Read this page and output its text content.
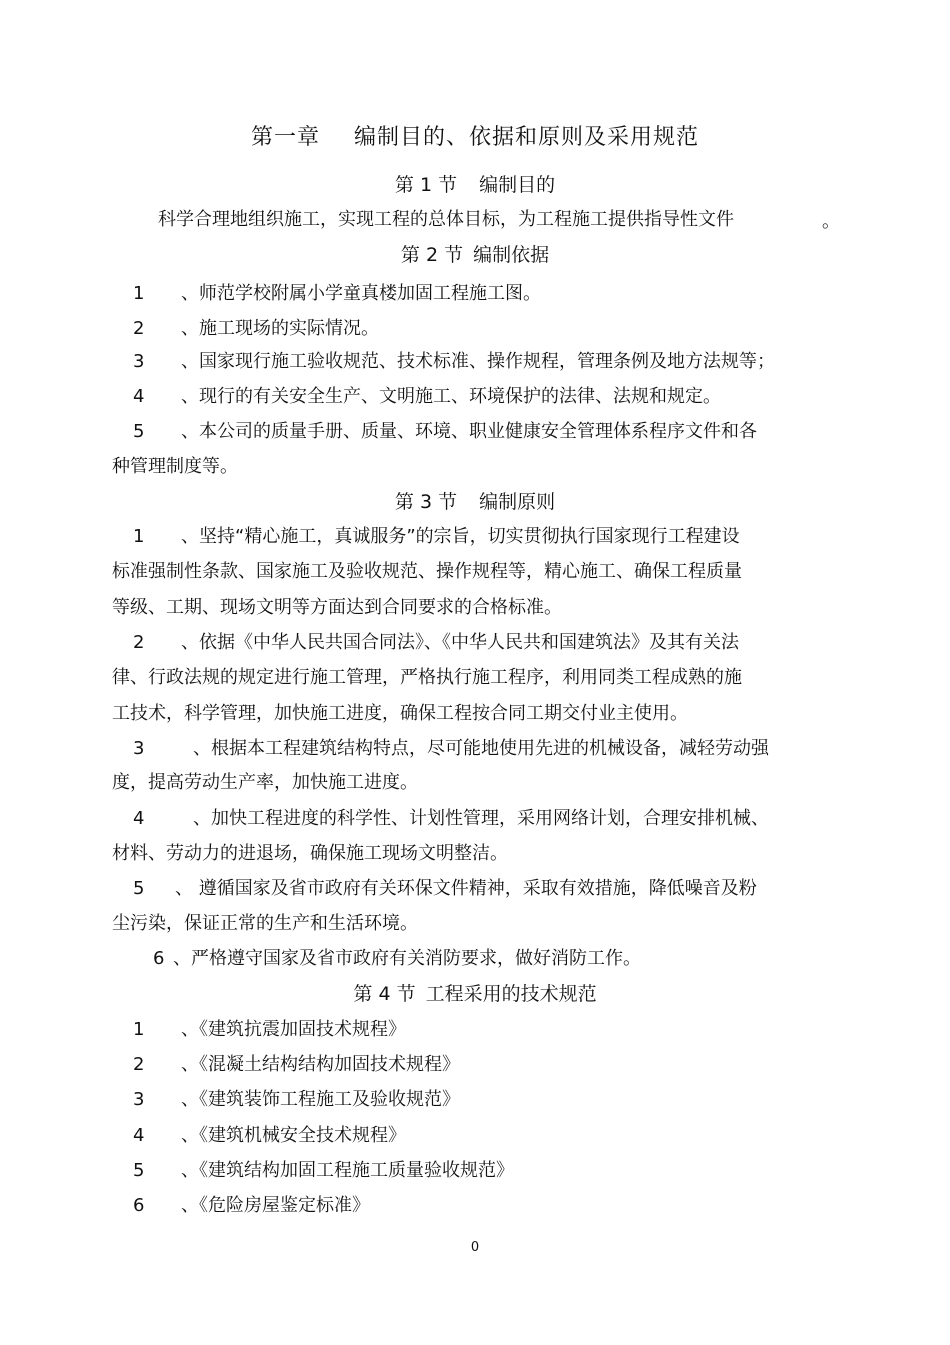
第一章 编制目的、依据和原则及采用规范
第 1 节 编制目的
科学合理地组织施工，实现工程的总体目标，为工程施工提供指导性文件	。
第 2 节 编制依据
1 、师范学校附属小学童真楼加固工程施工图。
2 、施工现场的实际情况。
3 、国家现行施工验收规范、技术标准、操作规程，管理条例及地方法规等；
4 、现行的有关安全生产、文明施工、环境保护的法律、法规和规定。
5 、本公司的质量手册、质量、环境、职业健康安全管理体系程序文件和各
种管理制度等。
第 3 节 编制原则
1 、坚持“精心施工，真诚服务”的宗旨，切实贯彻执行国家现行工程建设
标准强制性条款、国家施工及验收规范、操作规程等，精心施工、确保工程质量
等级、工期、现场文明等方面达到合同要求的合格标准。
2 、依据《中华人民共国合同法》、《中华人民共和国建筑法》及其有关法
律、行政法规的规定进行施工管理，严格执行施工程序，利用同类工程成熟的施
工技术，科学管理，加快施工进度，确保工程按合同工期交付业主使用。
3	、根据本工程建筑结构特点，尽可能地使用先进的机械设备，减轻劳动强
度，提高劳动生产率，加快施工进度。
4	、加快工程进度的科学性、计划性管理，采用网络计划，合理安排机械、
材料、劳动力的进退场，确保施工现场文明整洁。
5 、 遵循国家及省市政府有关环保文件精神，采取有效措施，降低噪音及粉
尘污染，保证正常的生产和生活环境。
6 、严格遵守国家及省市政府有关消防要求，做好消防工作。
第 4 节 工程采用的技术规范
1 、《建筑抗震加固技术规程》
2 、《混凝土结构结构加固技术规程》
3 、《建筑装饰工程施工及验收规范》
4 、《建筑机械安全技术规程》
5 、《建筑结构加固工程施工质量验收规范》
6 、《危险房屋鉴定标准》
0
